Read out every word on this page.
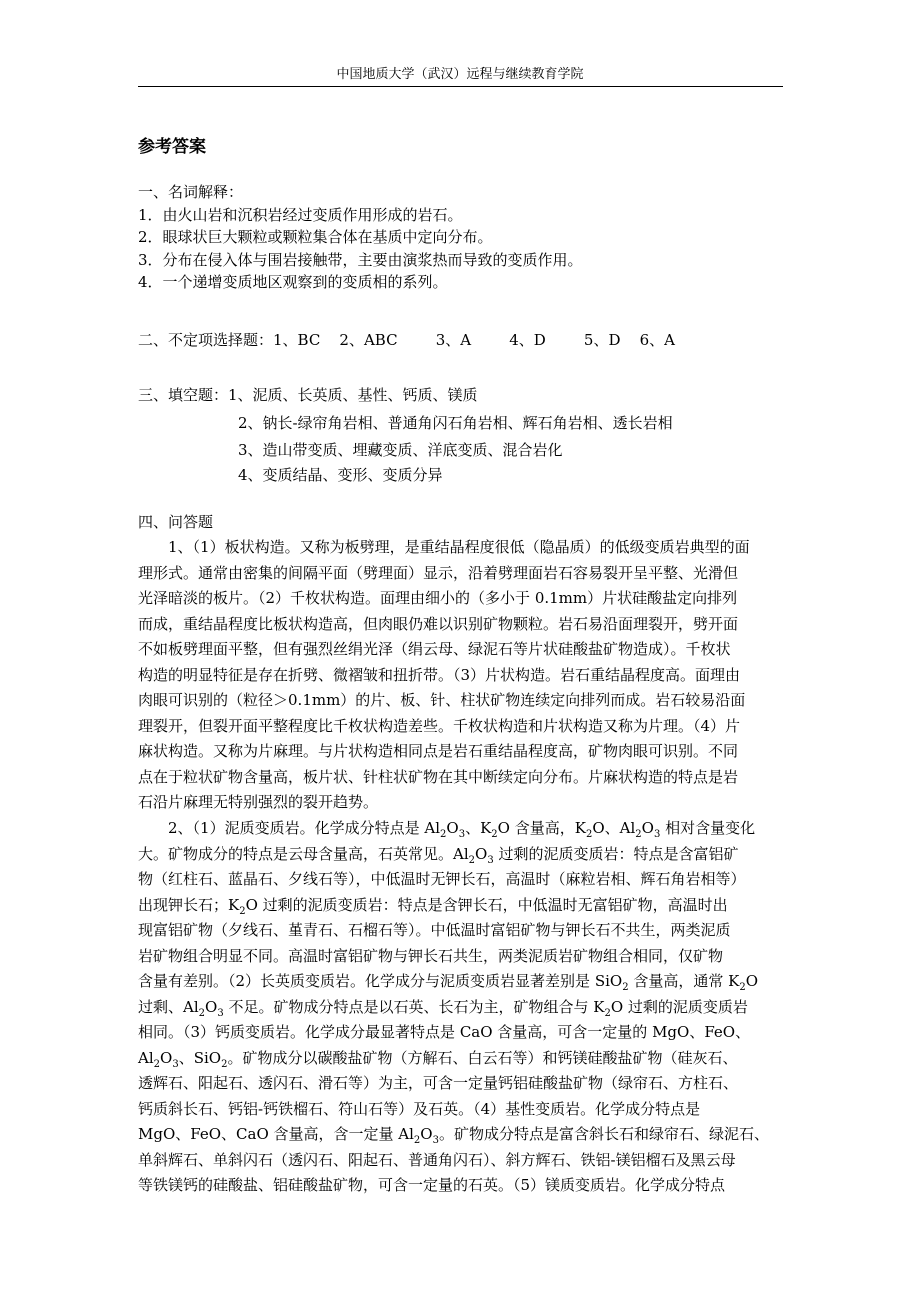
中国地质大学（武汉）远程与继续教育学院
参考答案
一、名词解释：
1．由火山岩和沉积岩经过变质作用形成的岩石。
2．眼球状巨大颗粒或颗粒集合体在基质中定向分布。
3．分布在侵入体与围岩接触带，主要由演浆热而导致的变质作用。
4．一个递增变质地区观察到的变质相的系列。
二、不定项选择题：1、BC    2、ABC        3、A        4、D        5、D    6、A
三、填空题：1、泥质、长英质、基性、钙质、镁质
2、钠长-绿帘角岩相、普通角闪石角岩相、辉石角岩相、透长岩相
3、造山带变质、埋藏变质、洋底变质、混合岩化
4、变质结晶、变形、变质分异
四、问答题
1、（1）板状构造。又称为板劈理，是重结晶程度很低（隐晶质）的低级变质岩典型的面
理形式。通常由密集的间隔平面（劈理面）显示，沿着劈理面岩石容易裂开呈平整、光滑但
光泽暗淡的板片。（2）千枚状构造。面理由细小的（多小于 0.1mm）片状硅酸盐定向排列
而成，重结晶程度比板状构造高，但肉眼仍难以识别矿物颗粒。岩石易沿面理裂开，劈开面
不如板劈理面平整，但有强烈丝绢光泽（绢云母、绿泥石等片状硅酸盐矿物造成）。千枚状
构造的明显特征是存在折劈、微褶皱和扭折带。（3）片状构造。岩石重结晶程度高。面理由
肉眼可识别的（粒径＞0.1mm）的片、板、针、柱状矿物连续定向排列而成。岩石较易沿面
理裂开，但裂开面平整程度比千枚状构造差些。千枚状构造和片状构造又称为片理。（4）片
麻状构造。又称为片麻理。与片状构造相同点是岩石重结晶程度高，矿物肉眼可识别。不同
点在于粒状矿物含量高，板片状、针柱状矿物在其中断续定向分布。片麻状构造的特点是岩
石沿片麻理无特别强烈的裂开趋势。
2、（1）泥质变质岩。化学成分特点是 $Al_2O_3$、$K_2O$ 含量高，$K_2O$、$Al_2O_3$ 相对含量变化
大。矿物成分的特点是云母含量高，石英常见。$Al_2O_3$ 过剩的泥质变质岩：特点是含富铝矿
物（红柱石、蓝晶石、夕线石等），中低温时无钾长石，高温时（麻粒岩相、辉石角岩相等）
出现钾长石；$K_2O$ 过剩的泥质变质岩：特点是含钾长石，中低温时无富铝矿物，高温时出
现富铝矿物（夕线石、堇青石、石榴石等）。中低温时富铝矿物与钾长石不共生，两类泥质
岩矿物组合明显不同。高温时富铝矿物与钾长石共生，两类泥质岩矿物组合相同，仅矿物
含量有差别。（2）长英质变质岩。化学成分与泥质变质岩显著差别是 SiO$_2$ 含量高，通常 $K_2O$
过剩、$Al_2O_3$ 不足。矿物成分特点是以石英、长石为主，矿物组合与 $K_2O$ 过剩的泥质变质岩
相同。（3）钙质变质岩。化学成分最显著特点是 CaO 含量高，可含一定量的 MgO、FeO、
$Al_2O_3$、SiO$_2$。矿物成分以碳酸盐矿物（方解石、白云石等）和钙镁硅酸盐矿物（硅灰石、
透辉石、阳起石、透闪石、滑石等）为主，可含一定量钙铝硅酸盐矿物（绿帘石、方柱石、
钙质斜长石、钙铝-钙铁榴石、符山石等）及石英。（4）基性变质岩。化学成分特点是
MgO、FeO、CaO 含量高，含一定量 $Al_2O_3$。矿物成分特点是富含斜长石和绿帘石、绿泥石、
单斜辉石、单斜闪石（透闪石、阳起石、普通角闪石）、斜方辉石、铁铝-镁铝榴石及黑云母
等铁镁钙的硅酸盐、铝硅酸盐矿物，可含一定量的石英。（5）镁质变质岩。化学成分特点
